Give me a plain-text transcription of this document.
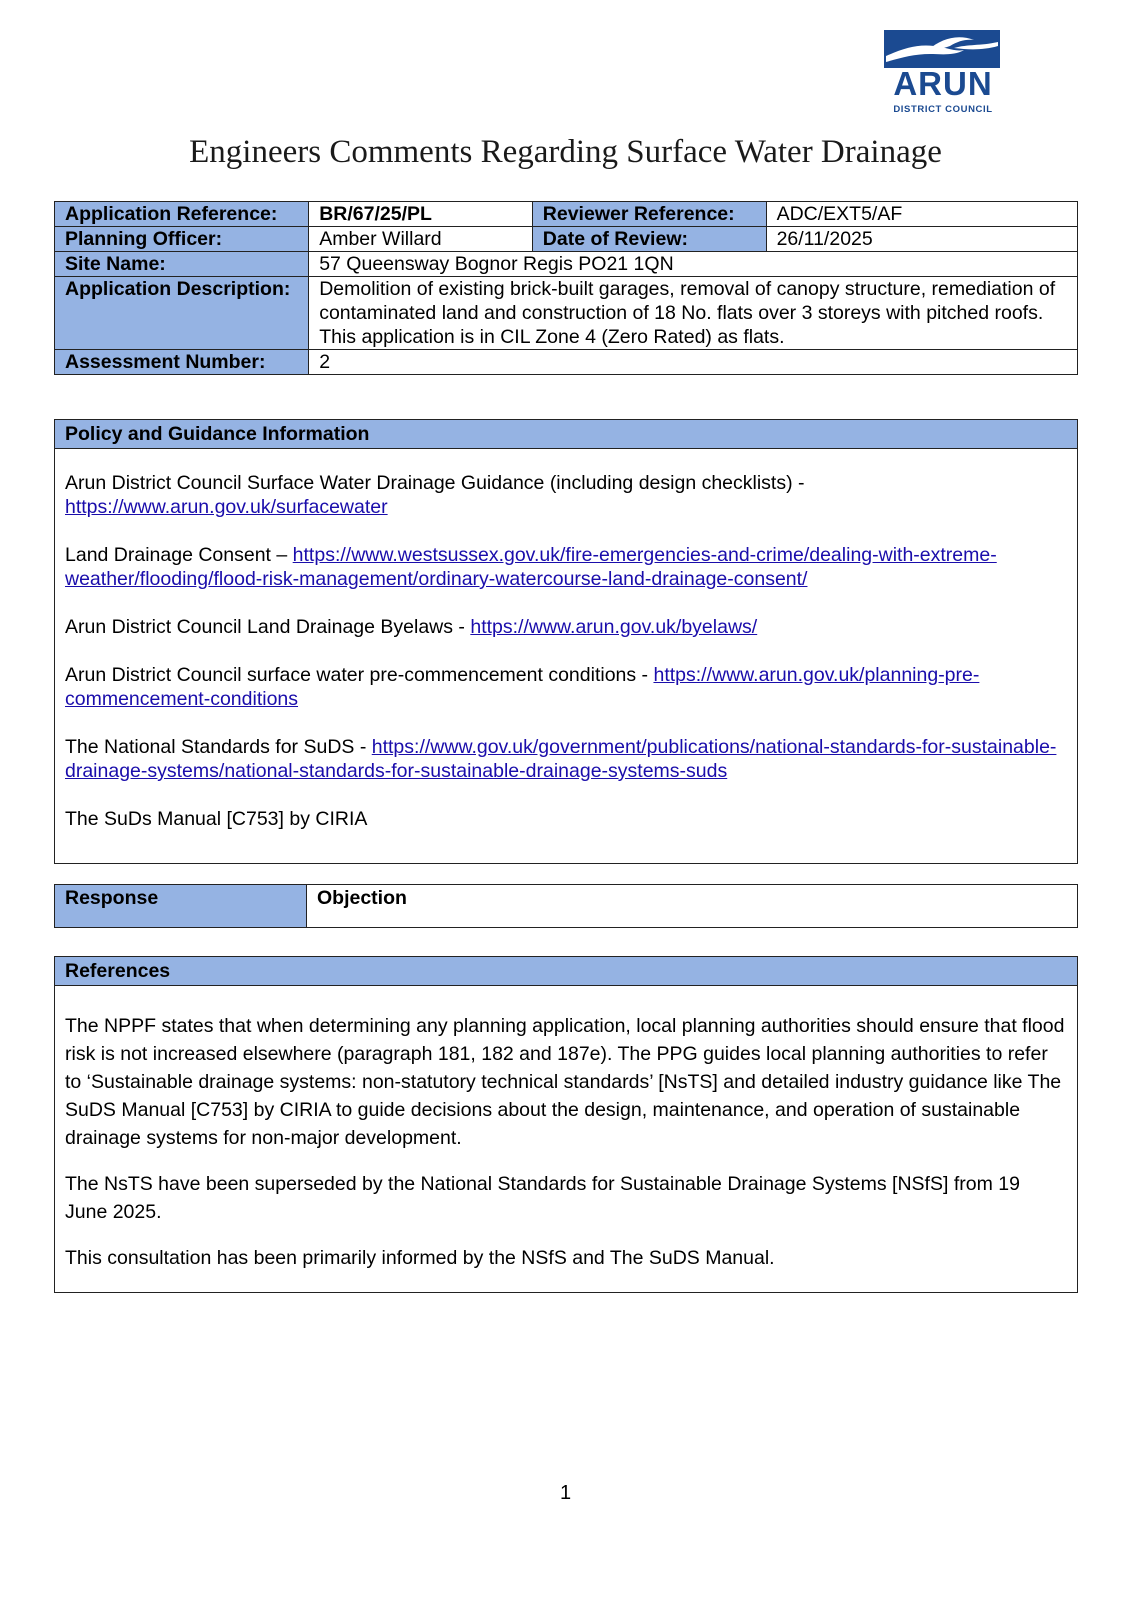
ARUN
DISTRICT COUNCIL
Engineers Comments Regarding Surface Water Drainage
Application Reference:	BR/67/25/PL	Reviewer Reference:	ADC/EXT5/AF
Planning Officer:	Amber Willard	Date of Review:	26/11/2025
Site Name:	57 Queensway Bognor Regis PO21 1QN		
Application Description:	Demolition of existing brick-built garages, removal of canopy structure, remediation of contaminated land and construction of 18 No. flats over 3 storeys with pitched roofs. This application is in CIL Zone 4 (Zero Rated) as flats.		
Assessment Number:	2		
Policy and Guidance Information

Arun District Council Surface Water Drainage Guidance (including design checklists) - https://www.arun.gov.uk/surfacewater

Land Drainage Consent – https://www.westsussex.gov.uk/fire-emergencies-and-crime/dealing-with-extreme-weather/flooding/flood-risk-management/ordinary-watercourse-land-drainage-consent/

Arun District Council Land Drainage Byelaws - https://www.arun.gov.uk/byelaws/

Arun District Council surface water pre-commencement conditions - https://www.arun.gov.uk/planning-pre-commencement-conditions

The National Standards for SuDS - https://www.gov.uk/government/publications/national-standards-for-sustainable-drainage-systems/national-standards-for-sustainable-drainage-systems-suds

The SuDs Manual [C753] by CIRIA

Response	Objection
References

The NPPF states that when determining any planning application, local planning authorities should ensure that flood risk is not increased elsewhere (paragraph 181, 182 and 187e). The PPG guides local planning authorities to refer to ‘Sustainable drainage systems: non-statutory technical standards’ [NsTS] and detailed industry guidance like The SuDS Manual [C753] by CIRIA to guide decisions about the design, maintenance, and operation of sustainable drainage systems for non-major development.

The NsTS have been superseded by the National Standards for Sustainable Drainage Systems [NSfS] from 19 June 2025.

This consultation has been primarily informed by the NSfS and The SuDS Manual.

1
